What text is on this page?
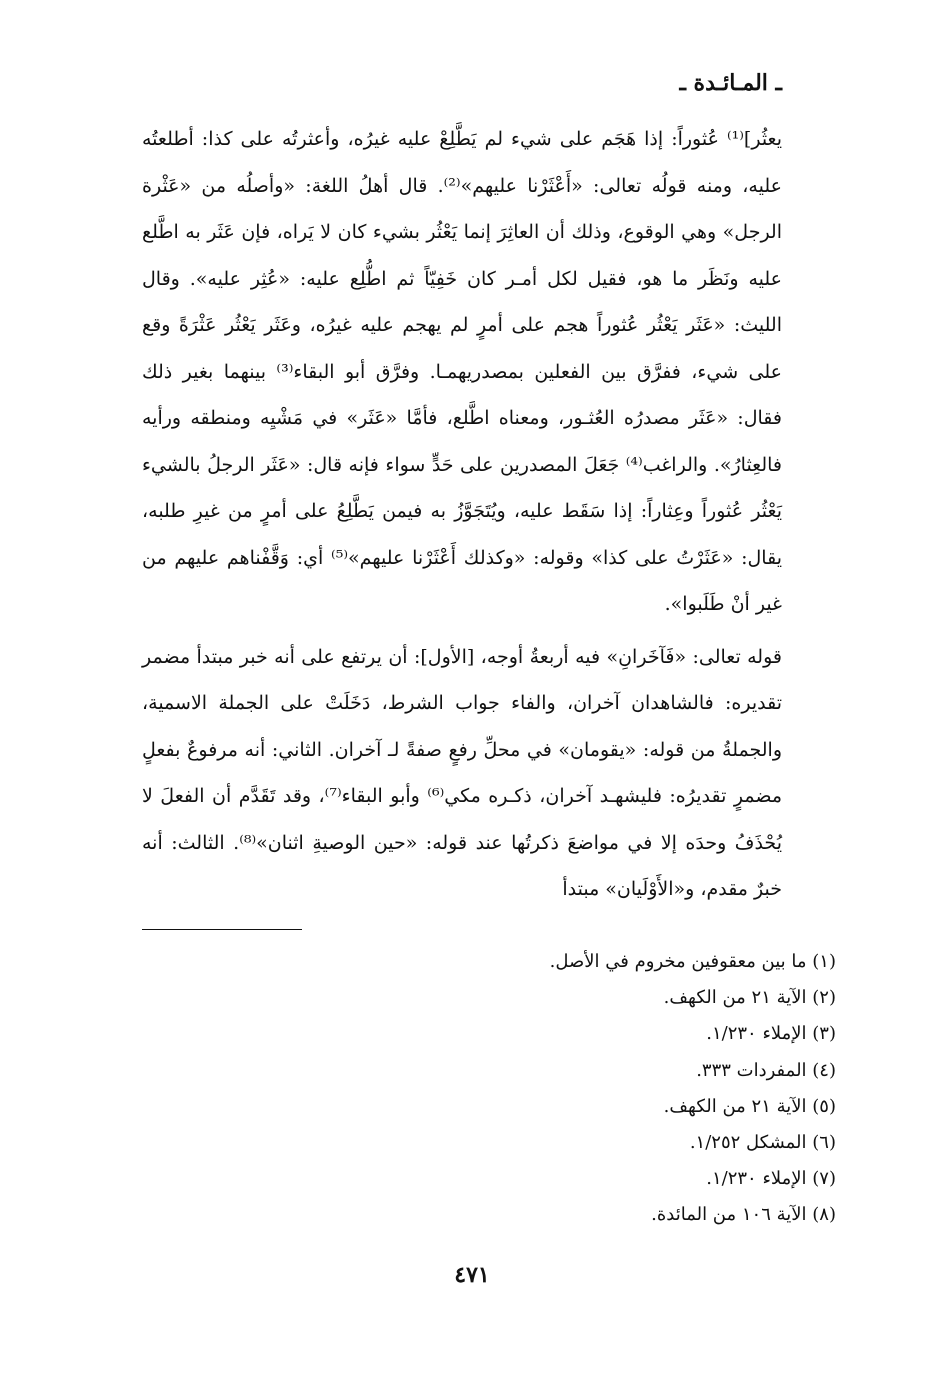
ـ المـائـدة ـ

يعثُر]⁽¹⁾ عُثوراً: إذا هَجَم على شيء لم يَطَّلِعْ عليه غيرُه، وأعثرتُه على كذا: أطلعتُه عليه، ومنه قولُه تعالى: «أَعْثَرْنا عليهم»⁽²⁾. قال أهلُ اللغة: «وأصلُه من «عَثْرة الرجل» وهي الوقوع، وذلك أن العاثِرَ إنما يَعْثُر بشيء كان لا يَراه، فإن عَثَر به اطَّلع عليه ونَظَر ما هو، فقيل لكل أمـر كان خَفِيّاً ثم اطُّلِع عليه: «عُثِر عليه». وقال الليث: «عَثَر يَعْثُر عُثوراً هجم على أمرٍ لم يهجم عليه غيرُه، وعَثَر يَعْثُر عَثْرَةً وقع على شيء، ففرَّق بين الفعلين بمصدريهمـا. وفرَّق أبو البقاء⁽³⁾ بينهما بغير ذلك فقال: «عَثَر مصدرُه العُثـور، ومعناه اطَّلع، فأمَّا «عَثَر» في مَشْيِه ومنطقه ورأيه فالعِثارُ». والراغب⁽⁴⁾ جَعَلَ المصدرين على حَدٍّ سواء فإنه قال: «عَثَر الرجلُ بالشيء يَعْثُر عُثوراً وعِثاراً: إذا سَقَط عليه، ويُتَجَوَّزُ به فيمن يَطَّلِعُ على أمرٍ من غيرِ طلبه، يقال: «عَثَرْتُ على كذا» وقوله: «وكذلك أَعْثَرْنا عليهم»⁽⁵⁾ أي: وَقَّفْناهم عليهم من غير أنْ طَلَبوا».

قوله تعالى: «فَآخَرانِ» فيه أربعةُ أوجه، [الأول]: أن يرتفع على أنه خبر مبتدأ مضمر تقديره: فالشاهدان آخران، والفاء جواب الشرط، دَخَلَتْ على الجملة الاسمية، والجملةُ من قوله: «يقومان» في محلِّ رفعٍ صفةً لـ آخران. الثاني: أنه مرفوعٌ بفعلٍ مضمرٍ تقديرُه: فليشهـد آخران، ذكـره مكي⁽⁶⁾ وأبو البقاء⁽⁷⁾، وقد تَقَدَّم أن الفعلَ لا يُحْذَفُ وحدَه إلا في مواضعَ ذكرتُها عند قوله: «حين الوصيةِ اثنان»⁽⁸⁾. الثالث: أنه خبرٌ مقدم، و«الأَوْلَيان» مبتدأ

(١) ما بين معقوفين مخروم في الأصل.
(٢) الآية ٢١ من الكهف.
(٣) الإملاء ١/٢٣٠.
(٤) المفردات ٣٣٣.
(٥) الآية ٢١ من الكهف.
(٦) المشكل ١/٢٥٢.
(٧) الإملاء ١/٢٣٠.
(٨) الآية ١٠٦ من المائدة.
٤٧١
